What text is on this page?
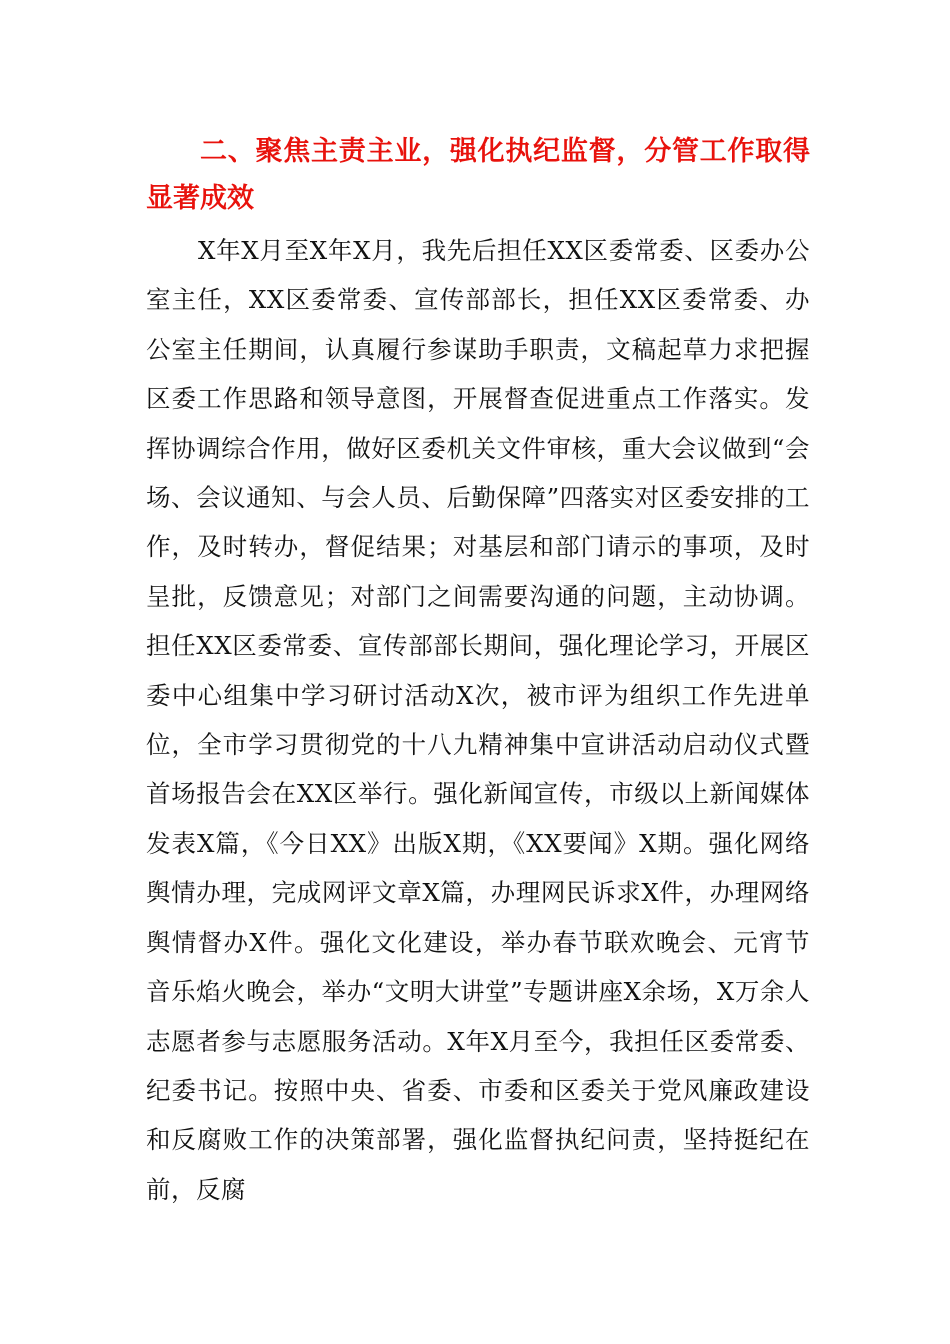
二、聚焦主责主业，强化执纪监督，分管工作取得显著成效

X年X月至X年X月，我先后担任XX区委常委、区委办公室主任，XX区委常委、宣传部部长，担任XX区委常委、办公室主任期间，认真履行参谋助手职责，文稿起草力求把握区委工作思路和领导意图，开展督查促进重点工作落实。发挥协调综合作用，做好区委机关文件审核，重大会议做到“会场、会议通知、与会人员、后勤保障”四落实对区委安排的工作，及时转办，督促结果；对基层和部门请示的事项，及时呈批，反馈意见；对部门之间需要沟通的问题，主动协调。担任XX区委常委、宣传部部长期间，强化理论学习，开展区委中心组集中学习研讨活动X次，被市评为组织工作先进单位，全市学习贯彻党的十八九精神集中宣讲活动启动仪式暨首场报告会在XX区举行。强化新闻宣传，市级以上新闻媒体发表X篇，《今日XX》出版X期，《XX要闻》X期。强化网络舆情办理，完成网评文章X篇，办理网民诉求X件，办理网络舆情督办X件。强化文化建设，举办春节联欢晚会、元宵节音乐焰火晚会，举办“文明大讲堂”专题讲座X余场，X万余人志愿者参与志愿服务活动。X年X月至今，我担任区委常委、纪委书记。按照中央、省委、市委和区委关于党风廉政建设和反腐败工作的决策部署，强化监督执纪问责，坚持挺纪在前，反腐
